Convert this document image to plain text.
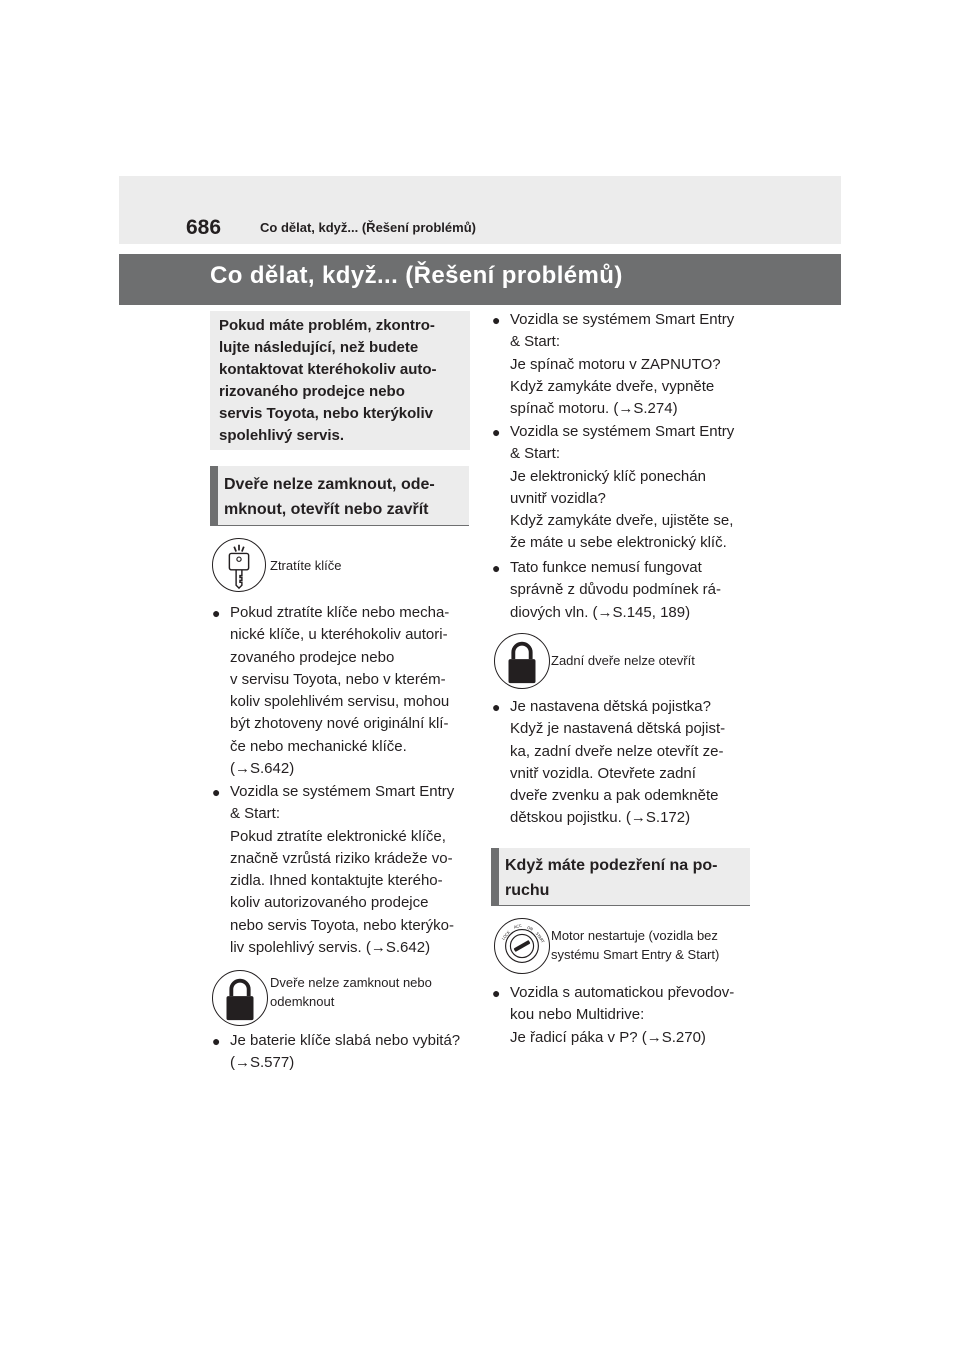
686	Co dělat, když... (Řešení problémů)
Co dělat, když... (Řešení problémů)
Pokud máte problém, zkontro-
lujte následující, než budete
kontaktovat kteréhokoliv auto-
rizovaného prodejce nebo
servis Toyota, nebo kterýkoliv
spolehlivý servis.
Dveře nelze zamknout, ode-
mknout, otevřít nebo zavřít
Ztratíte klíče
● Pokud ztratíte klíče nebo mecha-
nické klíče, u kteréhokoliv autori-
zovaného prodejce nebo
v servisu Toyota, nebo v kterém-
koliv spolehlivém servisu, mohou
být zhotoveny nové originální klí-
če nebo mechanické klíče.
(→S.642)
● Vozidla se systémem Smart Entry
& Start:
Pokud ztratíte elektronické klíče,
značně vzrůstá riziko krádeže vo-
zidla. Ihned kontaktujte kterého-
koliv autorizovaného prodejce
nebo servis Toyota, nebo kterýko-
liv spolehlivý servis. (→S.642)
Dveře nelze zamknout nebo
odemknout
● Je baterie klíče slabá nebo vybitá?
(→S.577)
● Vozidla se systémem Smart Entry
& Start:
Je spínač motoru v ZAPNUTO?
Když zamykáte dveře, vypněte
spínač motoru. (→S.274)
● Vozidla se systémem Smart Entry
& Start:
Je elektronický klíč ponechán
uvnitř vozidla?
Když zamykáte dveře, ujistěte se,
že máte u sebe elektronický klíč.
● Tato funkce nemusí fungovat
správně z důvodu podmínek rá-
diových vln. (→S.145, 189)
Zadní dveře nelze otevřít
● Je nastavena dětská pojistka?
Když je nastavená dětská pojist-
ka, zadní dveře nelze otevřít ze-
vnitř vozidla. Otevřete zadní
dveře zvenku a pak odemkněte
dětskou pojistku. (→S.172)
Když máte podezření na po-
ruchu
LOCK
ACC ON
START Motor nestartuje (vozidla bez
systému Smart Entry & Start)
● Vozidla s automatickou převodov-
kou nebo Multidrive:
Je řadicí páka v P? (→S.270)
